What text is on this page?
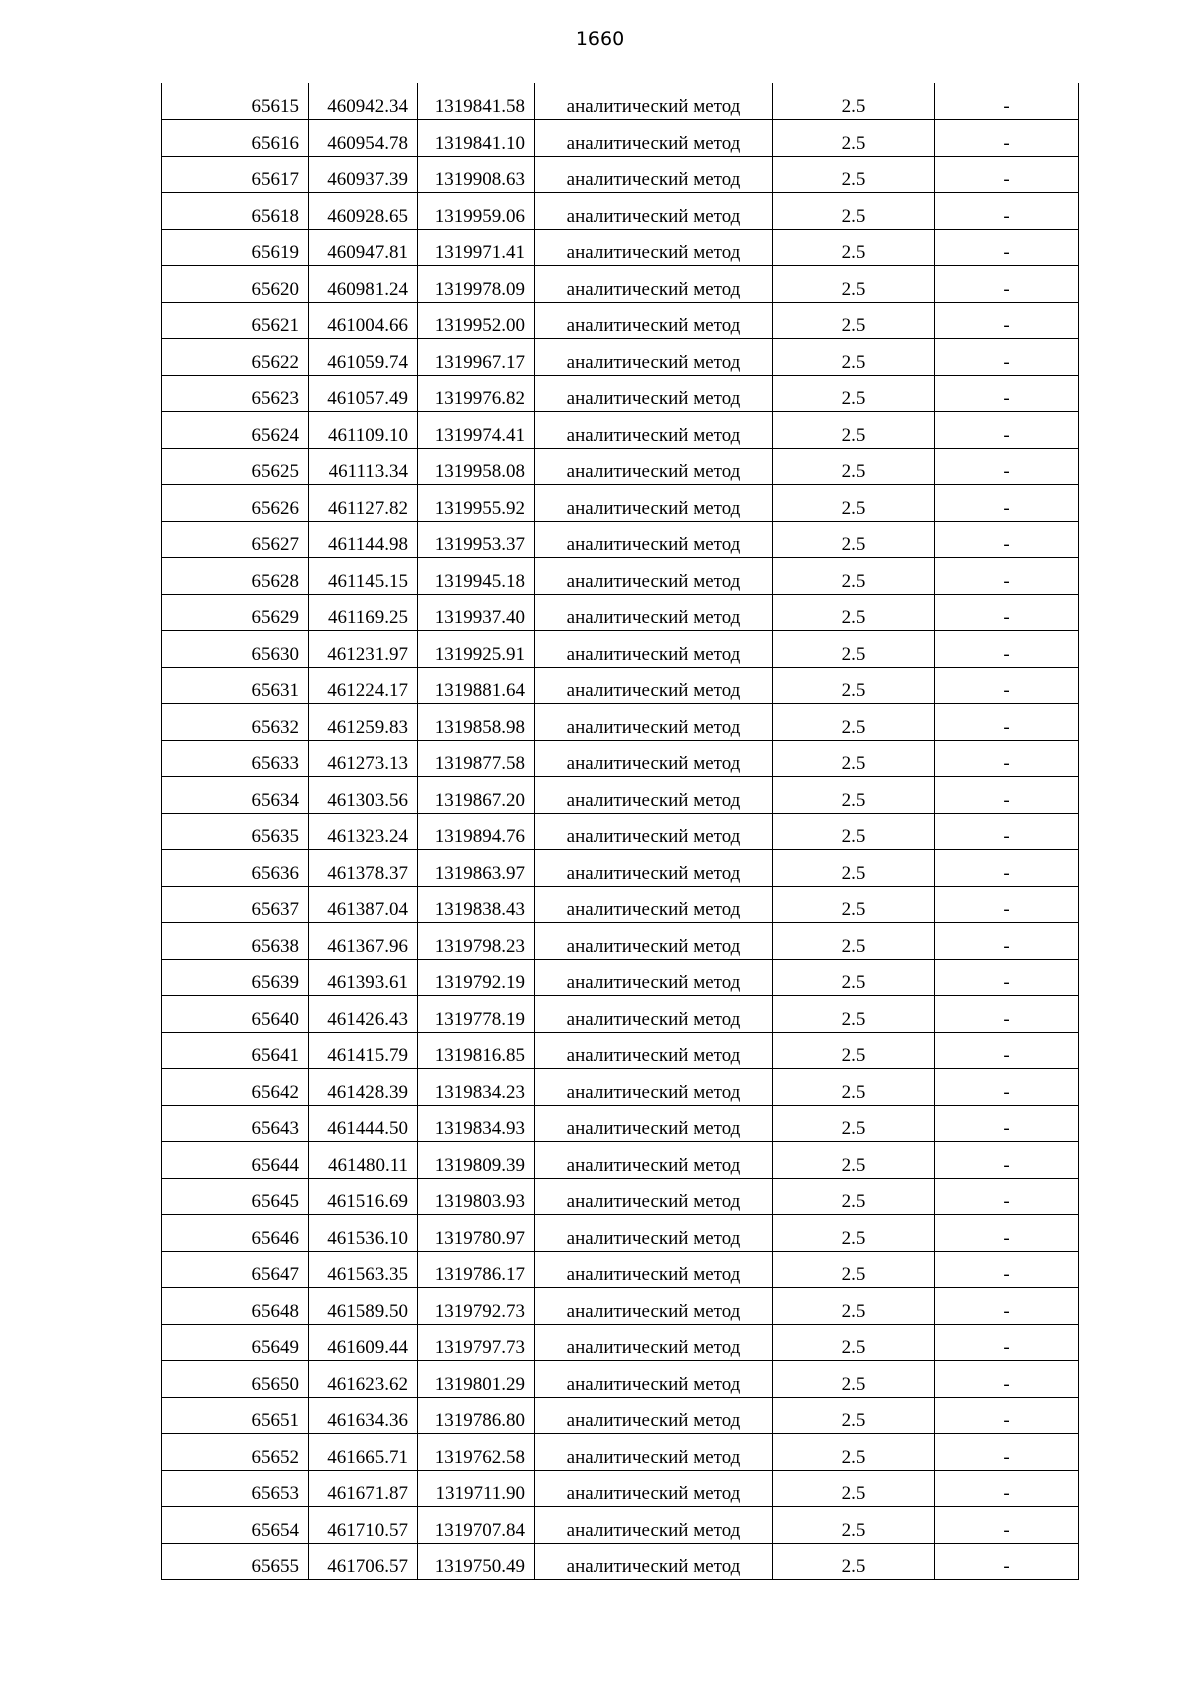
1660
65615	460942.34	1319841.58	аналитический метод	2.5	-
65616	460954.78	1319841.10	аналитический метод	2.5	-
65617	460937.39	1319908.63	аналитический метод	2.5	-
65618	460928.65	1319959.06	аналитический метод	2.5	-
65619	460947.81	1319971.41	аналитический метод	2.5	-
65620	460981.24	1319978.09	аналитический метод	2.5	-
65621	461004.66	1319952.00	аналитический метод	2.5	-
65622	461059.74	1319967.17	аналитический метод	2.5	-
65623	461057.49	1319976.82	аналитический метод	2.5	-
65624	461109.10	1319974.41	аналитический метод	2.5	-
65625	461113.34	1319958.08	аналитический метод	2.5	-
65626	461127.82	1319955.92	аналитический метод	2.5	-
65627	461144.98	1319953.37	аналитический метод	2.5	-
65628	461145.15	1319945.18	аналитический метод	2.5	-
65629	461169.25	1319937.40	аналитический метод	2.5	-
65630	461231.97	1319925.91	аналитический метод	2.5	-
65631	461224.17	1319881.64	аналитический метод	2.5	-
65632	461259.83	1319858.98	аналитический метод	2.5	-
65633	461273.13	1319877.58	аналитический метод	2.5	-
65634	461303.56	1319867.20	аналитический метод	2.5	-
65635	461323.24	1319894.76	аналитический метод	2.5	-
65636	461378.37	1319863.97	аналитический метод	2.5	-
65637	461387.04	1319838.43	аналитический метод	2.5	-
65638	461367.96	1319798.23	аналитический метод	2.5	-
65639	461393.61	1319792.19	аналитический метод	2.5	-
65640	461426.43	1319778.19	аналитический метод	2.5	-
65641	461415.79	1319816.85	аналитический метод	2.5	-
65642	461428.39	1319834.23	аналитический метод	2.5	-
65643	461444.50	1319834.93	аналитический метод	2.5	-
65644	461480.11	1319809.39	аналитический метод	2.5	-
65645	461516.69	1319803.93	аналитический метод	2.5	-
65646	461536.10	1319780.97	аналитический метод	2.5	-
65647	461563.35	1319786.17	аналитический метод	2.5	-
65648	461589.50	1319792.73	аналитический метод	2.5	-
65649	461609.44	1319797.73	аналитический метод	2.5	-
65650	461623.62	1319801.29	аналитический метод	2.5	-
65651	461634.36	1319786.80	аналитический метод	2.5	-
65652	461665.71	1319762.58	аналитический метод	2.5	-
65653	461671.87	1319711.90	аналитический метод	2.5	-
65654	461710.57	1319707.84	аналитический метод	2.5	-
65655	461706.57	1319750.49	аналитический метод	2.5	-
